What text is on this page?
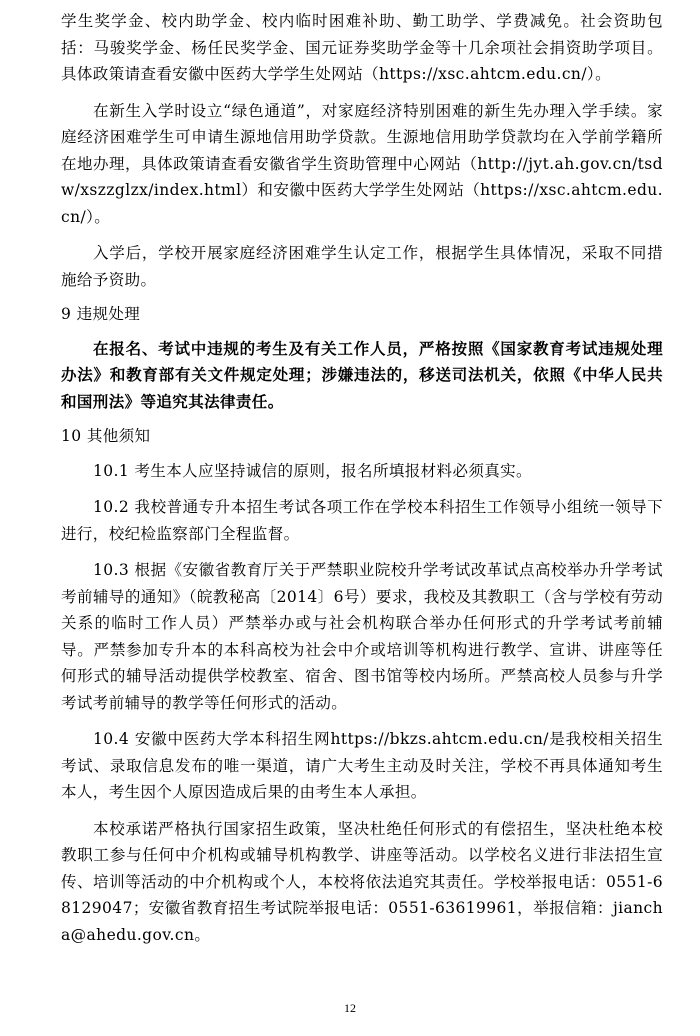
学生奖学金、校内助学金、校内临时困难补助、勤工助学、学费减免。社会资助包括：马骏奖学金、杨任民奖学金、国元证券奖助学金等十几余项社会捐资助学项目。具体政策请查看安徽中医药大学学生处网站（https://xsc.ahtcm.edu.cn/）。

在新生入学时设立“绿色通道”，对家庭经济特别困难的新生先办理入学手续。家庭经济困难学生可申请生源地信用助学贷款。生源地信用助学贷款均在入学前学籍所在地办理，具体政策请查看安徽省学生资助管理中心网站（http://jyt.ah.gov.cn/tsdw/xszzglzx/index.html）和安徽中医药大学学生处网站（https://xsc.ahtcm.edu.cn/）。

入学后，学校开展家庭经济困难学生认定工作，根据学生具体情况，采取不同措施给予资助。

9 违规处理

在报名、考试中违规的考生及有关工作人员，严格按照《国家教育考试违规处理办法》和教育部有关文件规定处理；涉嫌违法的，移送司法机关，依照《中华人民共和国刑法》等追究其法律责任。

10 其他须知

10.1 考生本人应坚持诚信的原则，报名所填报材料必须真实。

10.2 我校普通专升本招生考试各项工作在学校本科招生工作领导小组统一领导下进行，校纪检监察部门全程监督。

10.3 根据《安徽省教育厅关于严禁职业院校升学考试改革试点高校举办升学考试考前辅导的通知》（皖教秘高〔2014〕6号）要求，我校及其教职工（含与学校有劳动关系的临时工作人员）严禁举办或与社会机构联合举办任何形式的升学考试考前辅导。严禁参加专升本的本科高校为社会中介或培训等机构进行教学、宣讲、讲座等任何形式的辅导活动提供学校教室、宿舍、图书馆等校内场所。严禁高校人员参与升学考试考前辅导的教学等任何形式的活动。

10.4 安徽中医药大学本科招生网https://bkzs.ahtcm.edu.cn/是我校相关招生考试、录取信息发布的唯一渠道，请广大考生主动及时关注，学校不再具体通知考生本人，考生因个人原因造成后果的由考生本人承担。

本校承诺严格执行国家招生政策，坚决杜绝任何形式的有偿招生，坚决杜绝本校教职工参与任何中介机构或辅导机构教学、讲座等活动。以学校名义进行非法招生宣传、培训等活动的中介机构或个人，本校将依法追究其责任。学校举报电话：0551-68129047；安徽省教育招生考试院举报电话：0551-63619961，举报信箱：jiancha@ahedu.gov.cn。

12
